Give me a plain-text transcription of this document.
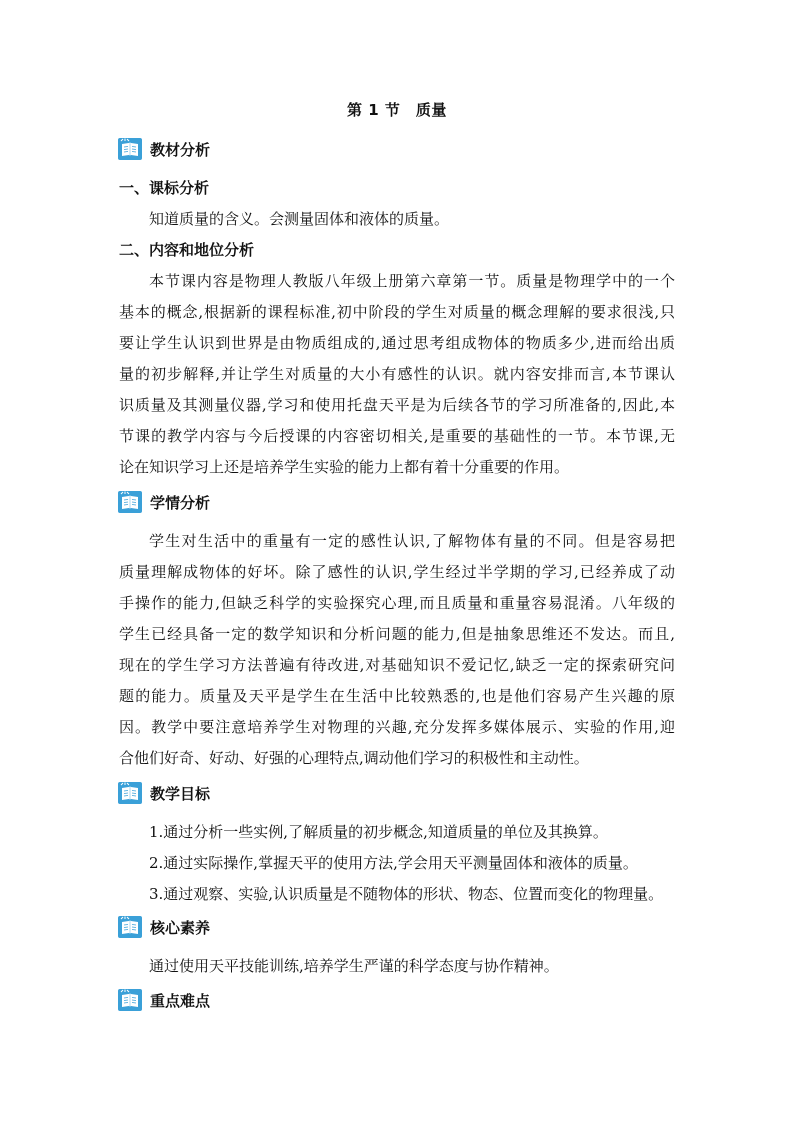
第 1 节　质量
教材分析
一、课标分析
知道质量的含义。会测量固体和液体的质量。
二、内容和地位分析
本节课内容是物理人教版八年级上册第六章第一节。质量是物理学中的一个
基本的概念,根据新的课程标准,初中阶段的学生对质量的概念理解的要求很浅,只
要让学生认识到世界是由物质组成的,通过思考组成物体的物质多少,进而给出质
量的初步解释,并让学生对质量的大小有感性的认识。就内容安排而言,本节课认
识质量及其测量仪器,学习和使用托盘天平是为后续各节的学习所准备的,因此,本
节课的教学内容与今后授课的内容密切相关,是重要的基础性的一节。本节课,无
论在知识学习上还是培养学生实验的能力上都有着十分重要的作用。
学情分析
学生对生活中的重量有一定的感性认识,了解物体有量的不同。但是容易把
质量理解成物体的好坏。除了感性的认识,学生经过半学期的学习,已经养成了动
手操作的能力,但缺乏科学的实验探究心理,而且质量和重量容易混淆。八年级的
学生已经具备一定的数学知识和分析问题的能力,但是抽象思维还不发达。而且,
现在的学生学习方法普遍有待改进,对基础知识不爱记忆,缺乏一定的探索研究问
题的能力。质量及天平是学生在生活中比较熟悉的,也是他们容易产生兴趣的原
因。教学中要注意培养学生对物理的兴趣,充分发挥多媒体展示、实验的作用,迎
合他们好奇、好动、好强的心理特点,调动他们学习的积极性和主动性。
教学目标
1.通过分析一些实例,了解质量的初步概念,知道质量的单位及其换算。
2.通过实际操作,掌握天平的使用方法,学会用天平测量固体和液体的质量。
3.通过观察、实验,认识质量是不随物体的形状、物态、位置而变化的物理量。
核心素养
通过使用天平技能训练,培养学生严谨的科学态度与协作精神。
重点难点
